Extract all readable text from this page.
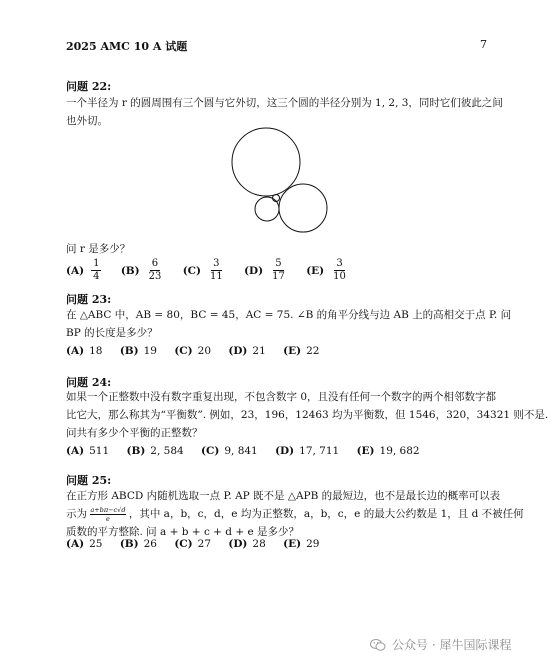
2025 AMC 10 A 试题	7
问题 22:
一个半径为 r 的圆周围有三个圆与它外切，这三个圆的半径分别为 1, 2, 3，同时它们彼此之间
也外切。
问 r 是多少？
$(A) \frac{1}{4} (B) \frac{6}{23} (C) \frac{3}{11} (D) \frac{5}{17} (E) \frac{3}{10}$
问题 23:
在 △ABC 中，AB = 80，BC = 45，AC = 75. ∠B 的角平分线与边 AB 上的高相交于点 P. 问
BP 的长度是多少？
(A) 18 (B) 19 (C) 20 (D) 21 (E) 22
问题 24:
如果一个正整数中没有数字重复出现，不包含数字 0，且没有任何一个数字的两个相邻数字都
比它大，那么称其为“平衡数”. 例如，23，196，12463 均为平衡数，但 1546，320，34321 则不是.
问共有多少个平衡的正整数？
(A) 511 (B) 2, 584 (C) 9, 841 (D) 17, 711 (E) 19, 682
问题 25:
在正方形 ABCD 内随机选取一点 P. AP 既不是 △APB 的最短边，也不是最长边的概率可以表
示为 $\frac{a+b\pi-c√d}{e}$ ，其中 a，b，c，d，e 均为正整数，a，b，c，e 的最大公约数是 1，且 d 不被任何
质数的平方整除. 问 a + b + c + d + e 是多少？
(A) 25 (B) 26 (C) 27 (D) 28 (E) 29
公众号 · 犀牛国际课程
